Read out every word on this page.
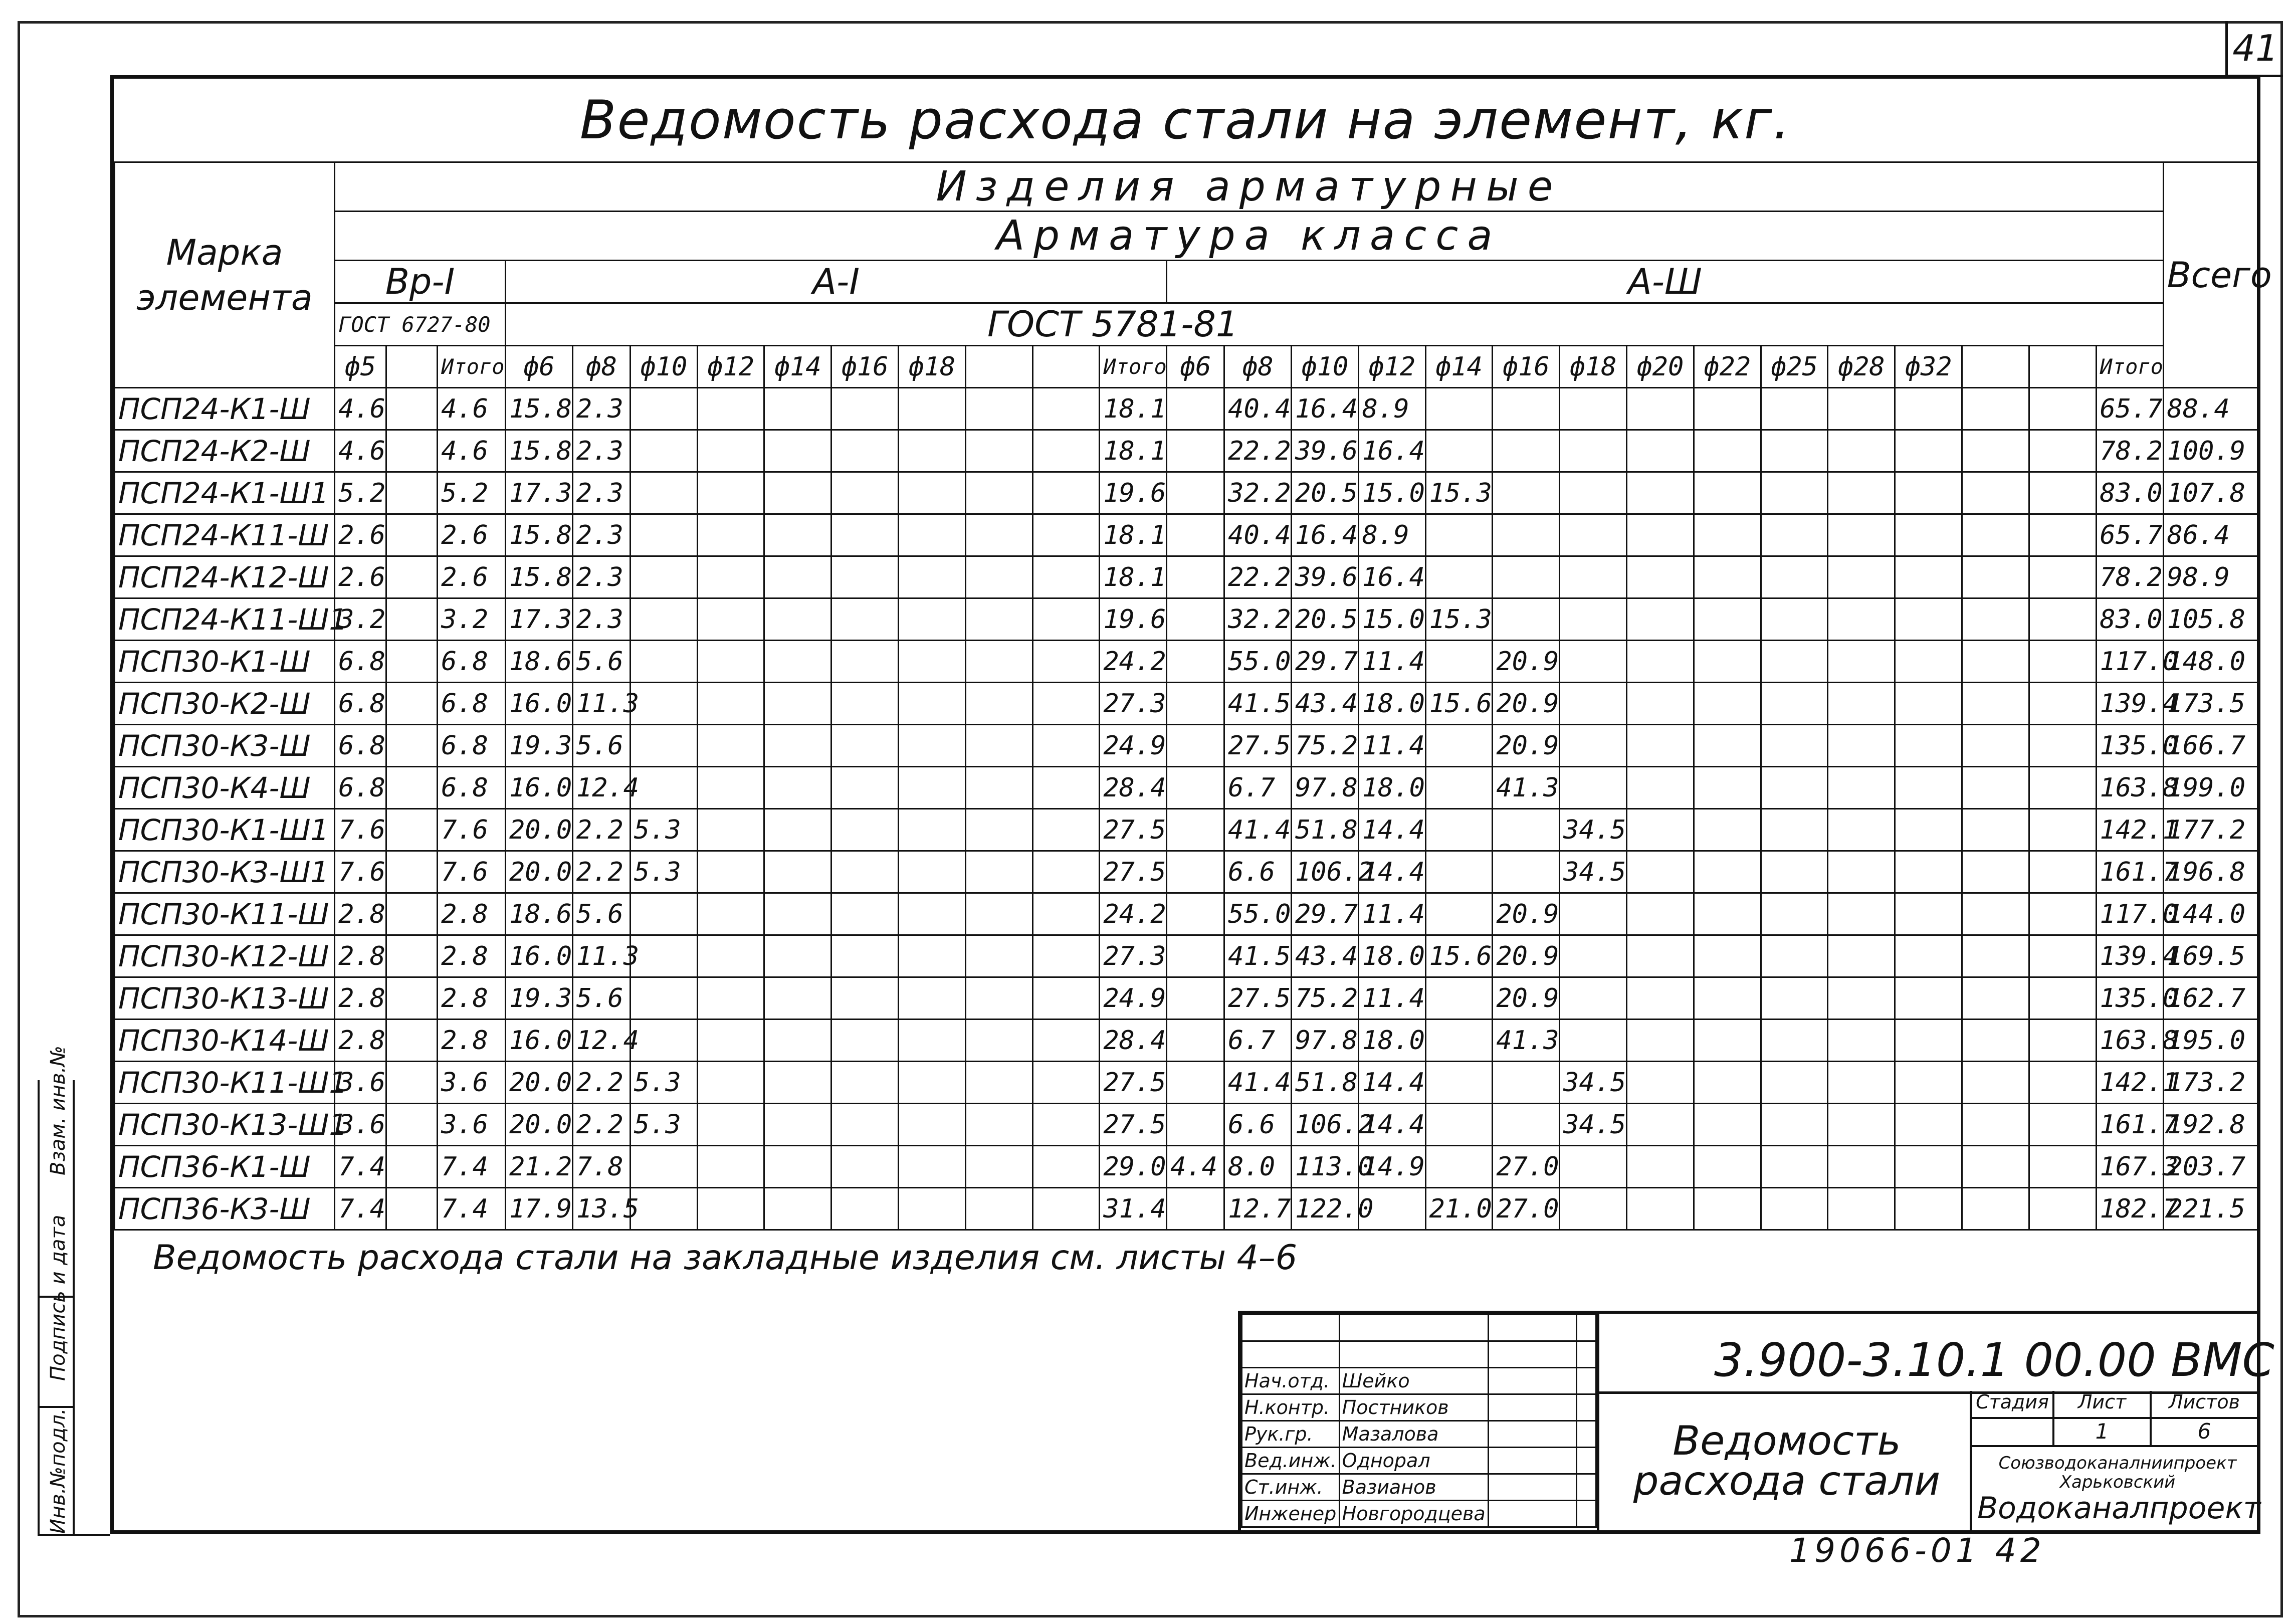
41
Ведомость расхода стали на элемент, кг.
Марка элемента	Изделия арматурные																												Всего
	Арматура класса																												
	Вр-I			А-I										А-Ш															
	ГОСТ 6727-80			ГОСТ 5781-81																									
	ф5		Итого	ф6	ф8	ф10	ф12	ф14	ф16	ф18			Итого	ф6	ф8	ф10	ф12	ф14	ф16	ф18	ф20	ф22	ф25	ф28	ф32			Итого	
ПСП24-К1-Ш	4.6		4.6	15.8	2.3								18.1		40.4	16.4	8.9											65.7	88.4
ПСП24-К2-Ш	4.6		4.6	15.8	2.3								18.1		22.2	39.6	16.4											78.2	100.9
ПСП24-К1-Ш1	5.2		5.2	17.3	2.3								19.6		32.2	20.5	15.0	15.3										83.0	107.8
ПСП24-К11-Ш	2.6		2.6	15.8	2.3								18.1		40.4	16.4	8.9											65.7	86.4
ПСП24-К12-Ш	2.6		2.6	15.8	2.3								18.1		22.2	39.6	16.4											78.2	98.9
ПСП24-К11-Ш1	3.2		3.2	17.3	2.3								19.6		32.2	20.5	15.0	15.3										83.0	105.8
ПСП30-К1-Ш	6.8		6.8	18.6	5.6								24.2		55.0	29.7	11.4		20.9									117.0	148.0
ПСП30-К2-Ш	6.8		6.8	16.0	11.3								27.3		41.5	43.4	18.0	15.6	20.9									139.4	173.5
ПСП30-К3-Ш	6.8		6.8	19.3	5.6								24.9		27.5	75.2	11.4		20.9									135.0	166.7
ПСП30-К4-Ш	6.8		6.8	16.0	12.4								28.4		6.7	97.8	18.0		41.3									163.8	199.0
ПСП30-К1-Ш1	7.6		7.6	20.0	2.2	5.3							27.5		41.4	51.8	14.4			34.5								142.1	177.2
ПСП30-К3-Ш1	7.6		7.6	20.0	2.2	5.3							27.5		6.6	106.2	14.4			34.5								161.7	196.8
ПСП30-К11-Ш	2.8		2.8	18.6	5.6								24.2		55.0	29.7	11.4		20.9									117.0	144.0
ПСП30-К12-Ш	2.8		2.8	16.0	11.3								27.3		41.5	43.4	18.0	15.6	20.9									139.4	169.5
ПСП30-К13-Ш	2.8		2.8	19.3	5.6								24.9		27.5	75.2	11.4		20.9									135.0	162.7
ПСП30-К14-Ш	2.8		2.8	16.0	12.4								28.4		6.7	97.8	18.0		41.3									163.8	195.0
ПСП30-К11-Ш1	3.6		3.6	20.0	2.2	5.3							27.5		41.4	51.8	14.4			34.5								142.1	173.2
ПСП30-К13-Ш1	3.6		3.6	20.0	2.2	5.3							27.5		6.6	106.2	14.4			34.5								161.7	192.8
ПСП36-К1-Ш	7.4		7.4	21.2	7.8								29.0	4.4	8.0	113.0	14.9		27.0									167.3	203.7
ПСП36-К3-Ш	7.4		7.4	17.9	13.5								31.4		12.7	122.0		21.0	27.0									182.7	221.5
Ведомость расхода стали на закладные изделия см. листы 4–6
Инв.№подл.
Подпись и дата
Взам. инв.№

Нач.отд.	Шейко		
Н.контр.	Постников		
Рук.гр.	Мазалова		
Вед.инж.	Однорал		
Ст.инж.	Вазианов		
Инженер	Новгородцева		
3.900-3.10.1 00.00 ВМС
Ведомость расхода стали
Стадия	Лист	Листов
1	6
Союзводоканалниипроект
Харьковский
Водоканалпроект
19066-01 42
